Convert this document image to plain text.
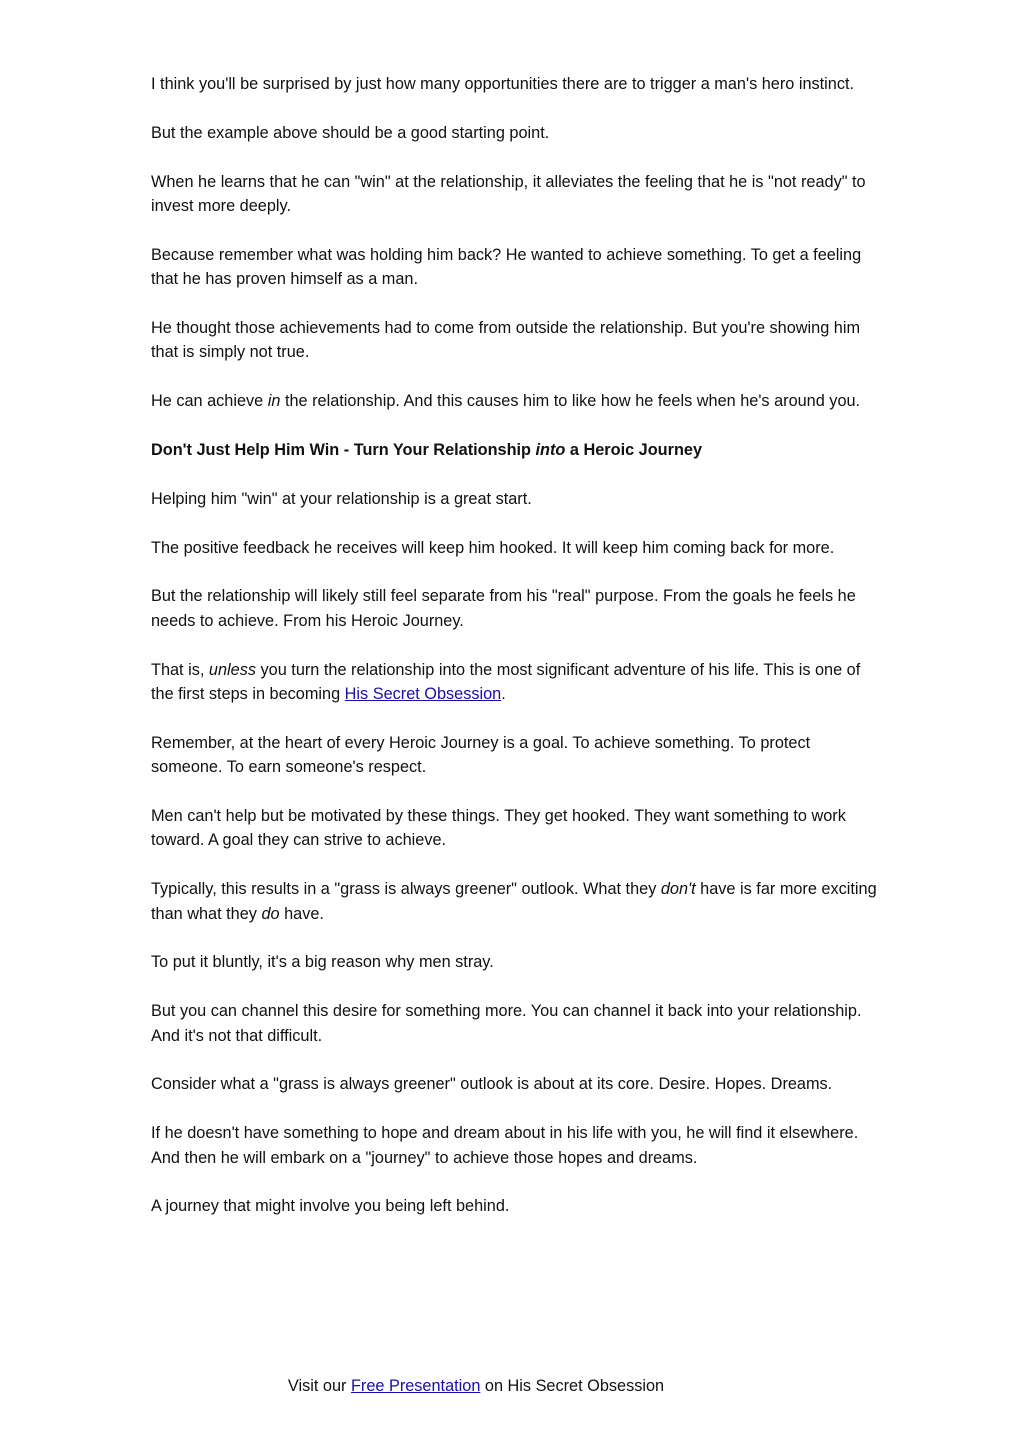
I think you'll be surprised by just how many opportunities there are to trigger a man's hero instinct.

But the example above should be a good starting point.

When he learns that he can "win" at the relationship, it alleviates the feeling that he is "not ready" to invest more deeply.

Because remember what was holding him back? He wanted to achieve something. To get a feeling that he has proven himself as a man.

He thought those achievements had to come from outside the relationship. But you're showing him that is simply not true.

He can achieve in the relationship. And this causes him to like how he feels when he's around you.

Don't Just Help Him Win - Turn Your Relationship into a Heroic Journey

Helping him "win" at your relationship is a great start.

The positive feedback he receives will keep him hooked. It will keep him coming back for more.

But the relationship will likely still feel separate from his "real" purpose. From the goals he feels he needs to achieve. From his Heroic Journey.

That is, unless you turn the relationship into the most significant adventure of his life. This is one of the first steps in becoming His Secret Obsession.

Remember, at the heart of every Heroic Journey is a goal. To achieve something. To protect someone. To earn someone's respect.

Men can't help but be motivated by these things. They get hooked. They want something to work toward. A goal they can strive to achieve.

Typically, this results in a "grass is always greener" outlook. What they don't have is far more exciting than what they do have.

To put it bluntly, it's a big reason why men stray.

But you can channel this desire for something more. You can channel it back into your relationship. And it's not that difficult.

Consider what a "grass is always greener" outlook is about at its core. Desire. Hopes. Dreams.

If he doesn't have something to hope and dream about in his life with you, he will find it elsewhere. And then he will embark on a "journey" to achieve those hopes and dreams.

A journey that might involve you being left behind.

Visit our Free Presentation on His Secret Obsession
